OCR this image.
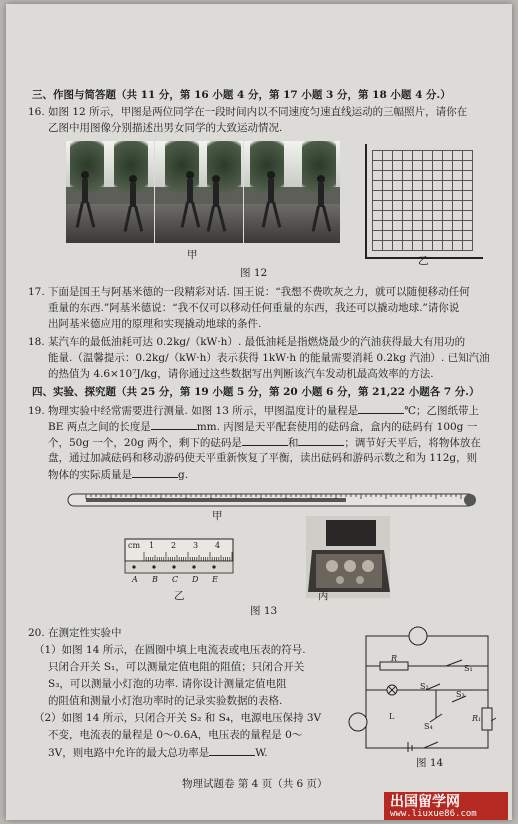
三、作图与简答题（共 11 分，第 16 小题 4 分，第 17 小题 3 分，第 18 小题 4 分.）
16. 如图 12 所示，甲图是两位同学在一段时间内以不同速度匀速直线运动的三幅照片，请你在
乙图中用图像分别描述出男女同学的大致运动情况.
甲	乙
图 12
17. 下面是国王与阿基米德的一段精彩对话. 国王说：“我想不费吹灰之力，就可以随便移动任何
重量的东西.”阿基米德说：“我不仅可以移动任何重量的东西，我还可以撬动地球.”请你说
出阿基米德应用的原理和实现撬动地球的条件.
18. 某汽车的最低油耗可达 0.2kg/（kW·h）. 最低油耗是指燃烧最少的汽油获得最大有用功的
能量.（温馨提示：0.2kg/（kW·h）表示获得 1kW·h 的能量需要消耗 0.2kg 汽油）. 已知汽油
的热值为 4.6×10⁷J/kg，请你通过这些数据写出判断该汽车发动机最高效率的方法.
四、实验、探究题（共 25 分，第 19 小题 5 分，第 20 小题 6 分，第 21,22 小题各 7 分.）
19. 物理实验中经常需要进行测量. 如图 13 所示，甲图温度计的量程是	℃；乙图纸带上
BE 两点之间的长度是	mm. 丙图是天平配套使用的砝码盒，盒内的砝码有 100g 一
个，50g 一个，20g 两个，剩下的砝码是	和	；调节好天平后，将物体放在
盘，通过加减砝码和移动游码使天平重新恢复了平衡，读出砝码和游码示数之和为 112g，则
物体的实际质量是	g.
甲
cm 1 2 3 4
A B C D E
乙	丙
图 13
20. 在测定性实验中
（1）如图 14 所示，在圆圈中填上电流表或电压表的符号.
只闭合开关 S₁，可以测量定值电阻的阻值；只闭合开关
S₃，可以测量小灯泡的功率. 请你设计测量定值电阻
的阻值和测量小灯泡功率时的记录实验数据的表格.
（2）如图 14 所示，只闭合开关 S₂ 和 S₄，电源电压保持 3V
不变，电流表的量程是 0～0.6A，电压表的量程是 0～
3V，则电路中允许的最大总功率是	W.
R
S₁
S₂
S₃
L
S₄
R₁
图 14
物理试题卷 第 4 页（共 6 页）
出国留学网
www.liuxue86.com
